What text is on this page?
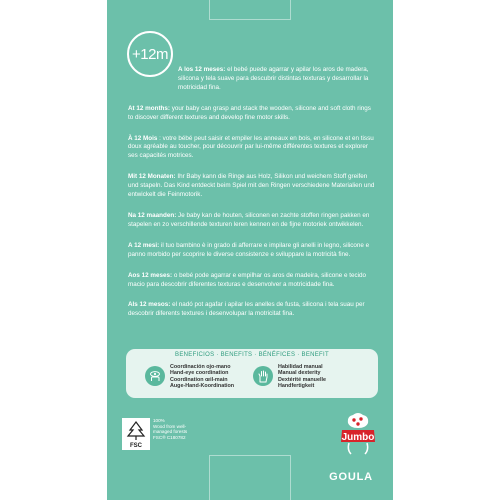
+12m

A los 12 meses: el bebé puede agarrar y apilar los aros de madera, silicona y tela suave para descubrir distintas texturas y desarrollar la motricidad fina.

At 12 months: your baby can grasp and stack the wooden, silicone and soft cloth rings to discover different textures and develop fine motor skills.

À 12 Mois : votre bébé peut saisir et empiler les anneaux en bois, en silicone et en tissu doux agréable au toucher, pour découvrir par lui-même différentes textures et explorer ses capacités motrices.

Mit 12 Monaten: Ihr Baby kann die Ringe aus Holz, Silikon und weichem Stoff greifen und stapeln. Das Kind entdeckt beim Spiel mit den Ringen verschiedene Materialien und entwickelt die Feinmotorik.

Na 12 maanden: Je baby kan de houten, siliconen en zachte stoffen ringen pakken en stapelen en zo verschillende texturen leren kennen en de fijne motoriek ontwikkelen.

A 12 mesi: il tuo bambino è in grado di afferrare e impilare gli anelli in legno, silicone e panno morbido per scoprire le diverse consistenze e sviluppare la motricità fine.

Aos 12 meses: o bebé pode agarrar e empilhar os aros de madeira, silicone e tecido macio para descobrir diferentes texturas e desenvolver a motricidade fina.

Als 12 mesos: el nadó pot agafar i apilar les anelles de fusta, silicona i tela suau per descobrir diferents textures i desenvolupar la motricitat fina.

BENEFICIOS · BENEFITS · BÉNÉFICES · BENEFIT
Coordinación ojo-mano
Hand-eye coordination
Coordination œil-main
Auge-Hand-Koordination
Habilidad manual
Manual dexterity
Dextérité manuelle
Handfertigkeit
FSC
100%
Wood from well-
managed forests
FSC® C180782	Jumbo
GOULA
